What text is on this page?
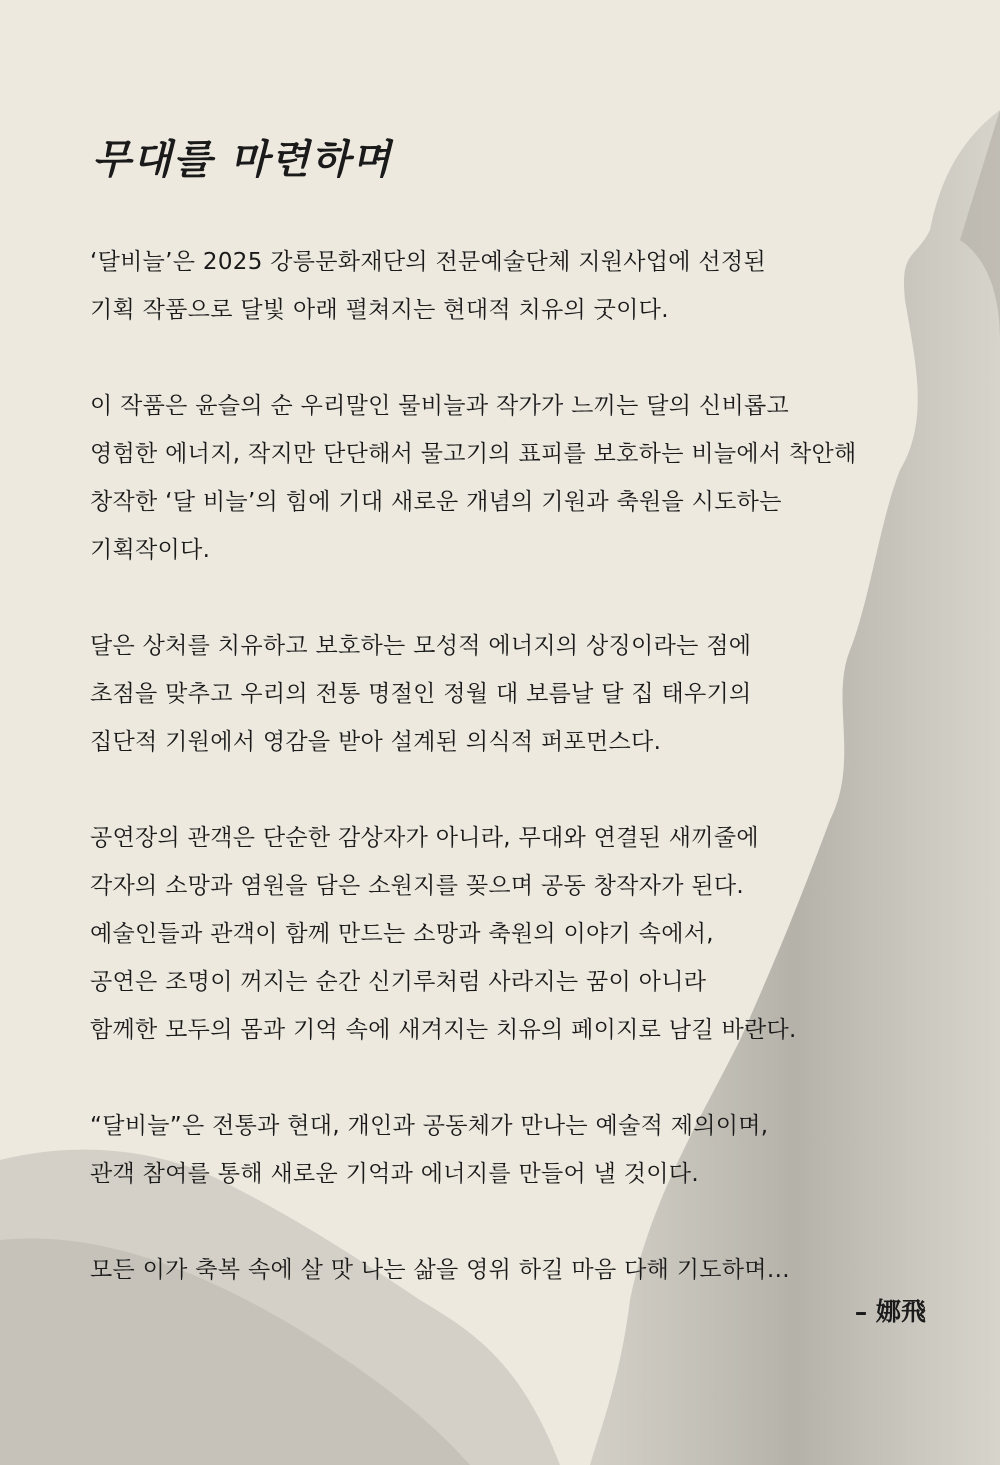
무대를 마련하며
‘달비늘’은 2025 강릉문화재단의 전문예술단체 지원사업에 선정된
기획 작품으로 달빛 아래 펼쳐지는 현대적 치유의 굿이다.
이 작품은 윤슬의 순 우리말인 물비늘과 작가가 느끼는 달의 신비롭고
영험한 에너지, 작지만 단단해서 물고기의 표피를 보호하는 비늘에서 착안해
창작한 ‘달 비늘’의 힘에 기대 새로운 개념의 기원과 축원을 시도하는
기획작이다.
달은 상처를 치유하고 보호하는 모성적 에너지의 상징이라는 점에
초점을 맞추고 우리의 전통 명절인 정월 대 보름날 달 집 태우기의
집단적 기원에서 영감을 받아 설계된 의식적 퍼포먼스다.
공연장의 관객은 단순한 감상자가 아니라, 무대와 연결된 새끼줄에
각자의 소망과 염원을 담은 소원지를 꽂으며 공동 창작자가 된다.
예술인들과 관객이 함께 만드는 소망과 축원의 이야기 속에서,
공연은 조명이 꺼지는 순간 신기루처럼 사라지는 꿈이 아니라
함께한 모두의 몸과 기억 속에 새겨지는 치유의 페이지로 남길 바란다.
“달비늘”은 전통과 현대, 개인과 공동체가 만나는 예술적 제의이며,
관객 참여를 통해 새로운 기억과 에너지를 만들어 낼 것이다.
모든 이가 축복 속에 살 맛 나는 삶을 영위 하길 마음 다해 기도하며…
– 娜飛
